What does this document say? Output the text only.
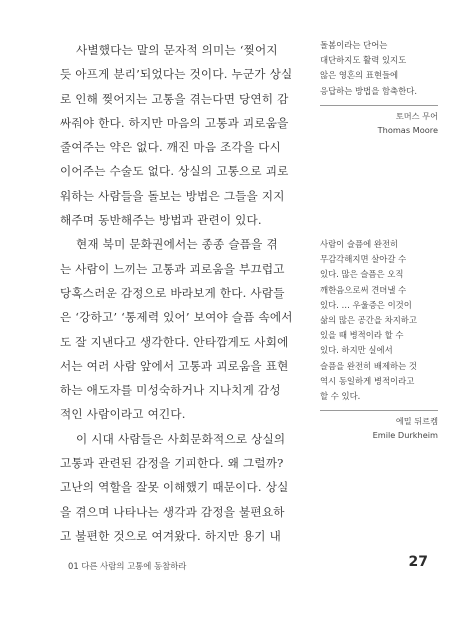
사별했다는 말의 문자적 의미는 ‘찢어지
듯 아프게 분리’되었다는 것이다. 누군가 상실
로 인해 찢어지는 고통을 겪는다면 당연히 감
싸줘야 한다. 하지만 마음의 고통과 괴로움을
줄여주는 약은 없다. 깨진 마음 조각을 다시
이어주는 수술도 없다. 상실의 고통으로 괴로
워하는 사람들을 돌보는 방법은 그들을 지지
해주며 동반해주는 방법과 관련이 있다.
현재 북미 문화권에서는 종종 슬픔을 겪
는 사람이 느끼는 고통과 괴로움을 부끄럽고
당혹스러운 감정으로 바라보게 한다. 사람들
은 ‘강하고’ ‘통제력 있어’ 보여야 슬픔 속에서
도 잘 지낸다고 생각한다. 안타깝게도 사회에
서는 여러 사람 앞에서 고통과 괴로움을 표현
하는 애도자를 미성숙하거나 지나치게 감성
적인 사람이라고 여긴다.
이 시대 사람들은 사회문화적으로 상실의
고통과 관련된 감정을 기피한다. 왜 그럴까?
고난의 역할을 잘못 이해했기 때문이다. 상실
을 겪으며 나타나는 생각과 감정을 불편요하
고 불편한 것으로 여겨왔다. 하지만 용기 내
돌봄이라는 단어는
대단하지도 활력 있지도
않은 영혼의 표현들에
응답하는 방법을 함축한다.
토머스 무어
Thomas Moore
사람이 슬픔에 완전히
무감각해지면 살아갈 수
있다. 많은 슬픔은 오직
깨한음으로써 견뎌낼 수
있다. … 우울증은 이것이
삶의 많은 공간을 차지하고
있을 때 병적이라 할 수
있다. 하지만 실에서
슬픔을 완전히 배제하는 것
역시 동일하게 병적이라고
할 수 있다.
에밀 뒤르켐
Emile Durkheim
01 다른 사람의 고통에 동참하라	27
